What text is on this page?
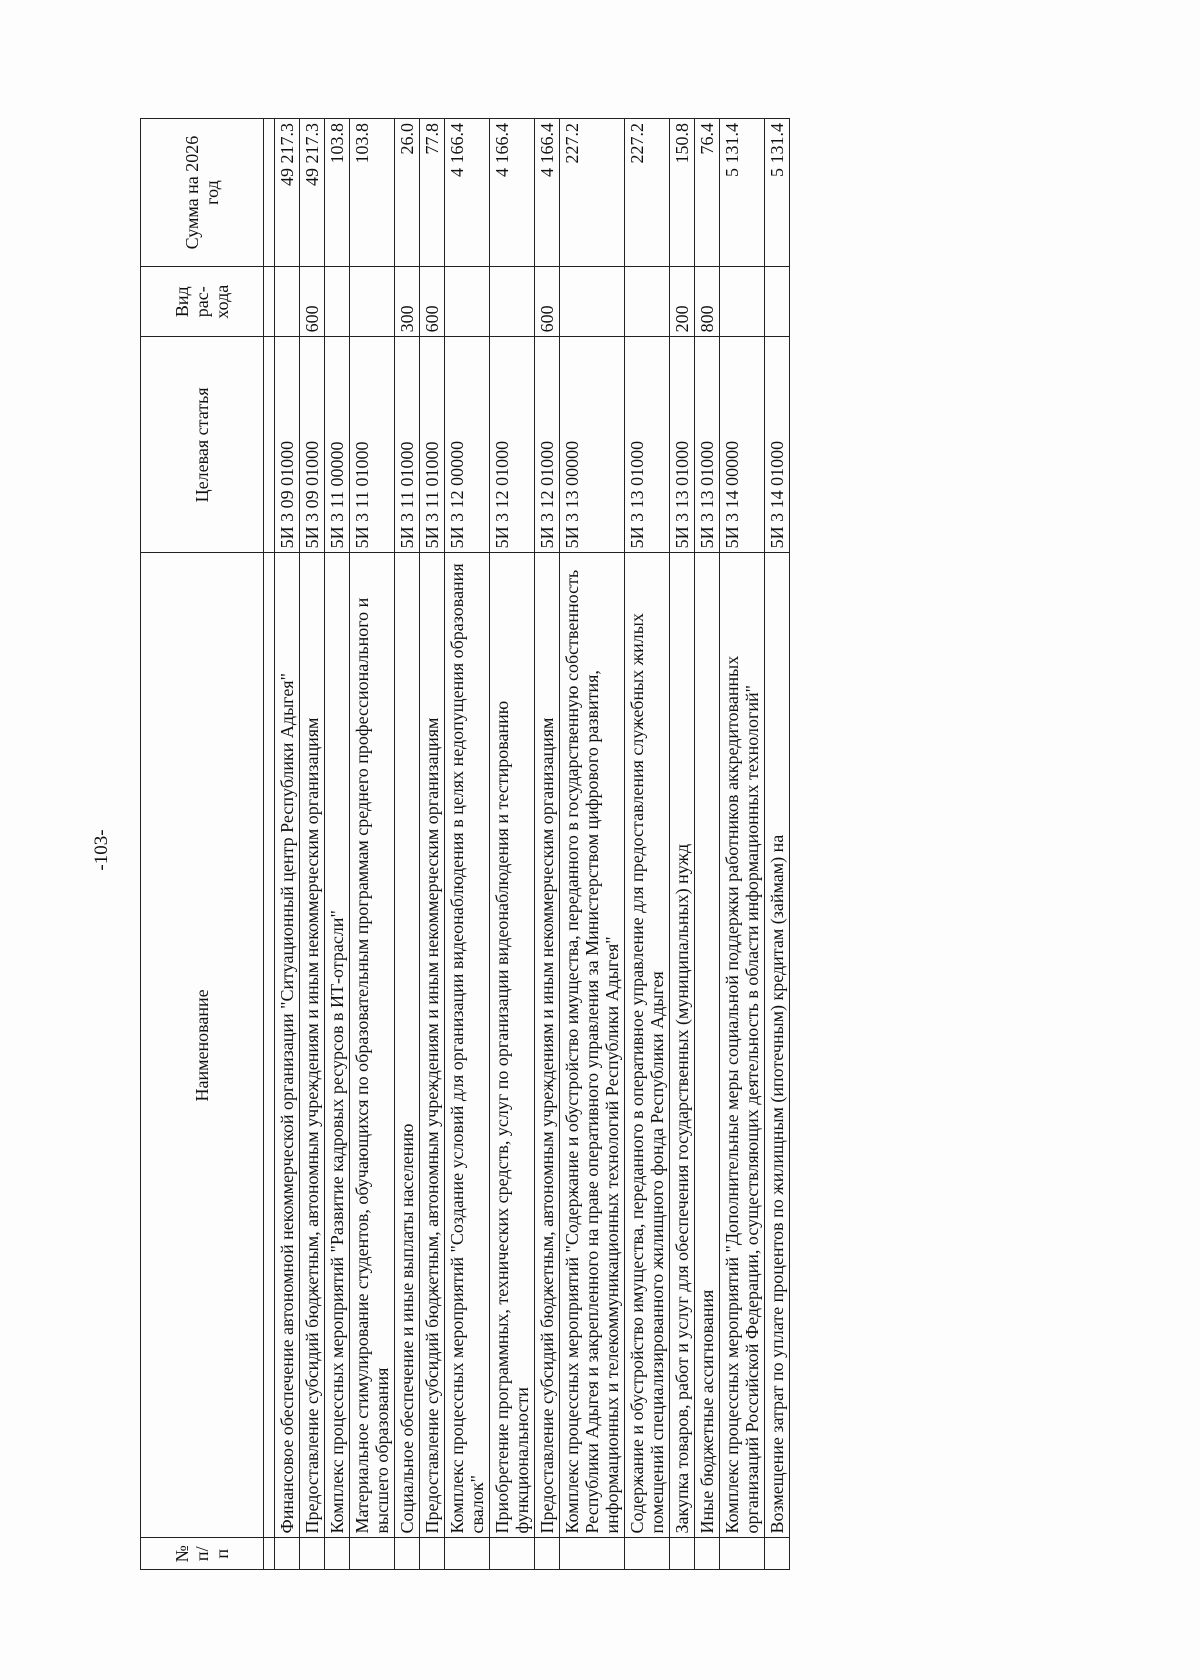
-103-
№ п/п	Наименование	Целевая статья	Вид рас-хода	Сумма на 2026 год

	Финансовое обеспечение автономной некоммерческой организации "Ситуационный центр Республики Адыгея"	5И 3 09 01000		49 217.3
	Предоставление субсидий бюджетным, автономным учреждениям и иным некоммерческим организациям	5И 3 09 01000	600	49 217.3
	Комплекс процессных мероприятий "Развитие кадровых ресурсов в ИТ-отрасли"	5И 3 11 00000		103.8
	Материальное стимулирование студентов, обучающихся по образовательным программам среднего профессионального и высшего образования	5И 3 11 01000		103.8
	Социальное обеспечение и иные выплаты населению	5И 3 11 01000	300	26.0
	Предоставление субсидий бюджетным, автономным учреждениям и иным некоммерческим организациям	5И 3 11 01000	600	77.8
	Комплекс процессных мероприятий "Создание условий для организации видеонаблюдения в целях недопущения образования свалок"	5И 3 12 00000		4 166.4
	Приобретение программных, технических средств, услуг по организации видеонаблюдения и тестированию функциональности	5И 3 12 01000		4 166.4
	Предоставление субсидий бюджетным, автономным учреждениям и иным некоммерческим организациям	5И 3 12 01000	600	4 166.4
	Комплекс процессных мероприятий "Содержание и обустройство имущества, переданного в государственную собственность Республики Адыгея и закрепленного на праве оперативного управления за Министерством цифрового развития, информационных и телекоммуникационных технологий Республики Адыгея"	5И 3 13 00000		227.2
	Содержание и обустройство имущества, переданного в оперативное управление для предоставления служебных жилых помещений специализированного жилищного фонда Республики Адыгея	5И 3 13 01000		227.2
	Закупка товаров, работ и услуг для обеспечения государственных (муниципальных) нужд	5И 3 13 01000	200	150.8
	Иные бюджетные ассигнования	5И 3 13 01000	800	76.4
	Комплекс процессных мероприятий "Дополнительные меры социальной поддержки работников аккредитованных организаций Российской Федерации, осуществляющих деятельность в области информационных технологий"	5И 3 14 00000		5 131.4
	Возмещение затрат по уплате процентов по жилищным (ипотечным) кредитам (займам) на	5И 3 14 01000		5 131.4
